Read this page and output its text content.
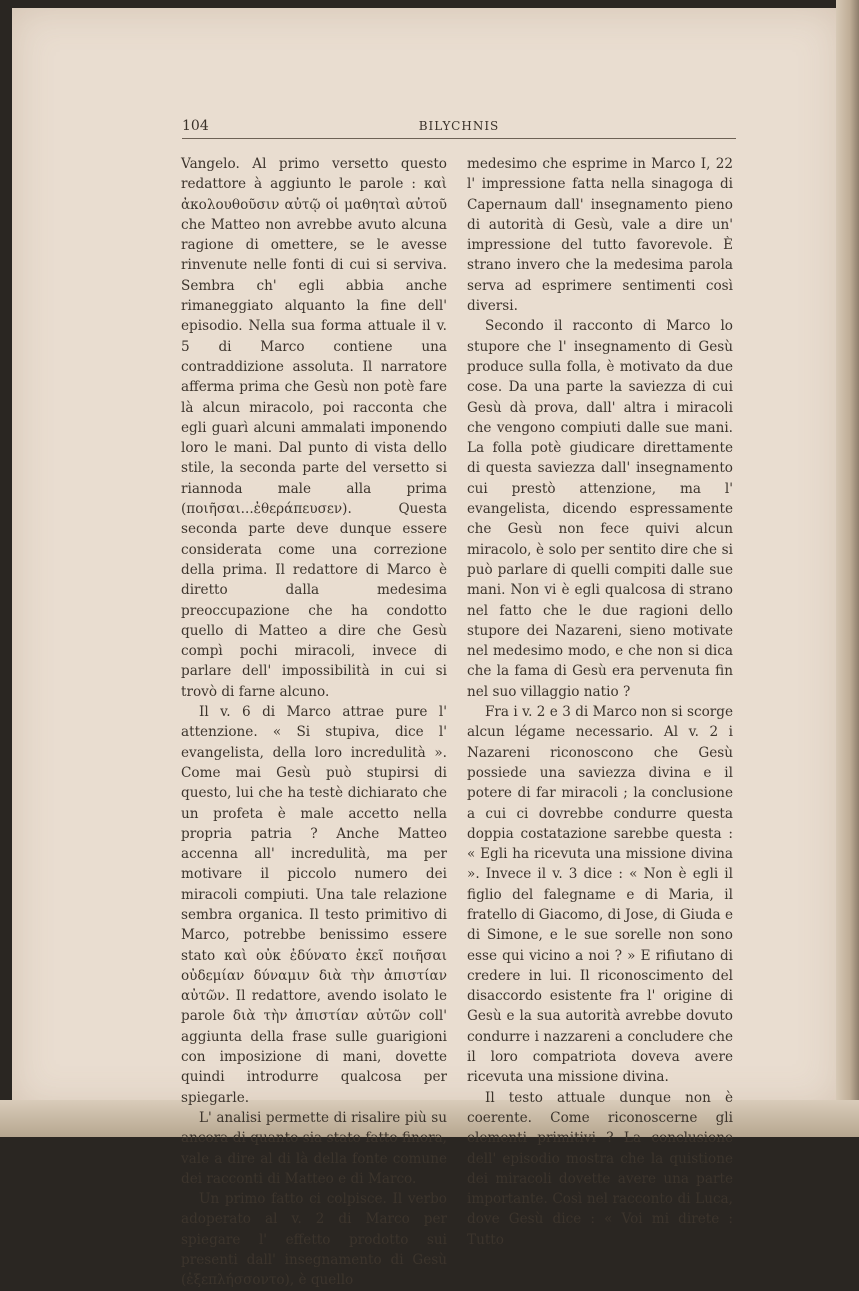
104	BILYCHNIS

Vangelo. Al primo versetto questo redattore à aggiunto le parole : καὶ ἀκολουθοῦσιν αὐτῷ οἱ μαθηταὶ αὐτοῦ che Matteo non avrebbe avuto alcuna ragione di omettere, se le avesse rinvenute nelle fonti di cui si serviva. Sembra ch' egli abbia anche rimaneggiato alquanto la fine dell' episodio. Nella sua forma attuale il v. 5 di Marco contiene una contraddizione assoluta. Il narratore afferma prima che Gesù non potè fare là alcun miracolo, poi racconta che egli guarì alcuni ammalati imponendo loro le mani. Dal punto di vista dello stile, la seconda parte del versetto si riannoda male alla prima (ποιῆσαι...ἐθεράπευσεν). Questa seconda parte deve dunque essere considerata come una correzione della prima. Il redattore di Marco è diretto dalla medesima preoccupazione che ha condotto quello di Matteo a dire che Gesù compì pochi miracoli, invece di parlare dell' impossibilità in cui si trovò di farne alcuno.

Il v. 6 di Marco attrae pure l' attenzione. « Si stupiva, dice l' evangelista, della loro incredulità ». Come mai Gesù può stupirsi di questo, lui che ha testè dichiarato che un profeta è male accetto nella propria patria ? Anche Matteo accenna all' incredulità, ma per motivare il piccolo numero dei miracoli compiuti. Una tale relazione sembra organica. Il testo primitivo di Marco, potrebbe benissimo essere stato καὶ οὐκ ἐδύνατο ἐκεῖ ποιῆσαι οὐδεμίαν δύναμιν διὰ τὴν ἀπιστίαν αὐτῶν. Il redattore, avendo isolato le parole διὰ τὴν ἀπιστίαν αὐτῶν coll' aggiunta della frase sulle guarigioni con imposizione di mani, dovette quindi introdurre qualcosa per spiegarle.

L' analisi permette di risalire più su ancora di quanto sia stato fatto finora, vale a dire al di là della fonte comune dei racconti di Matteo e di Marco.

Un primo fatto ci colpisce. Il verbo adoperato al v. 2 di Marco per spiegare l' effetto prodotto sui presenti dall' insegnamento di Gesù (ἐξεπλήσσοντο), è quello

medesimo che esprime in Marco I, 22 l' impressione fatta nella sinagoga di Capernaum dall' insegnamento pieno di autorità di Gesù, vale a dire un' impressione del tutto favorevole. È strano invero che la medesima parola serva ad esprimere sentimenti così diversi.

Secondo il racconto di Marco lo stupore che l' insegnamento di Gesù produce sulla folla, è motivato da due cose. Da una parte la saviezza di cui Gesù dà prova, dall' altra i miracoli che vengono compiuti dalle sue mani. La folla potè giudicare direttamente di questa saviezza dall' insegnamento cui prestò attenzione, ma l' evangelista, dicendo espressamente che Gesù non fece quivi alcun miracolo, è solo per sentito dire che si può parlare di quelli compiti dalle sue mani. Non vi è egli qualcosa di strano nel fatto che le due ragioni dello stupore dei Nazareni, sieno motivate nel medesimo modo, e che non si dica che la fama di Gesù era pervenuta fin nel suo villaggio natio ?

Fra i v. 2 e 3 di Marco non si scorge alcun légame necessario. Al v. 2 i Nazareni riconoscono che Gesù possiede una saviezza divina e il potere di far miracoli ; la conclusione a cui ci dovrebbe condurre questa doppia costatazione sarebbe questa : « Egli ha ricevuta una missione divina ». Invece il v. 3 dice : « Non è egli il figlio del falegname e di Maria, il fratello di Giacomo, di Jose, di Giuda e di Simone, e le sue sorelle non sono esse qui vicino a noi ? » E rifiutano di credere in lui. Il riconoscimento del disaccordo esistente fra l' origine di Gesù e la sua autorità avrebbe dovuto condurre i nazzareni a concludere che il loro compatriota doveva avere ricevuta una missione divina.

Il testo attuale dunque non è coerente. Come riconoscerne gli elementi primitivi ? La conclusione dell' episodio mostra che la quistione dei miracoli dovette avere una parte importante. Così nel racconto di Luca, dove Gesù dice : « Voi mi direte : Tutto
